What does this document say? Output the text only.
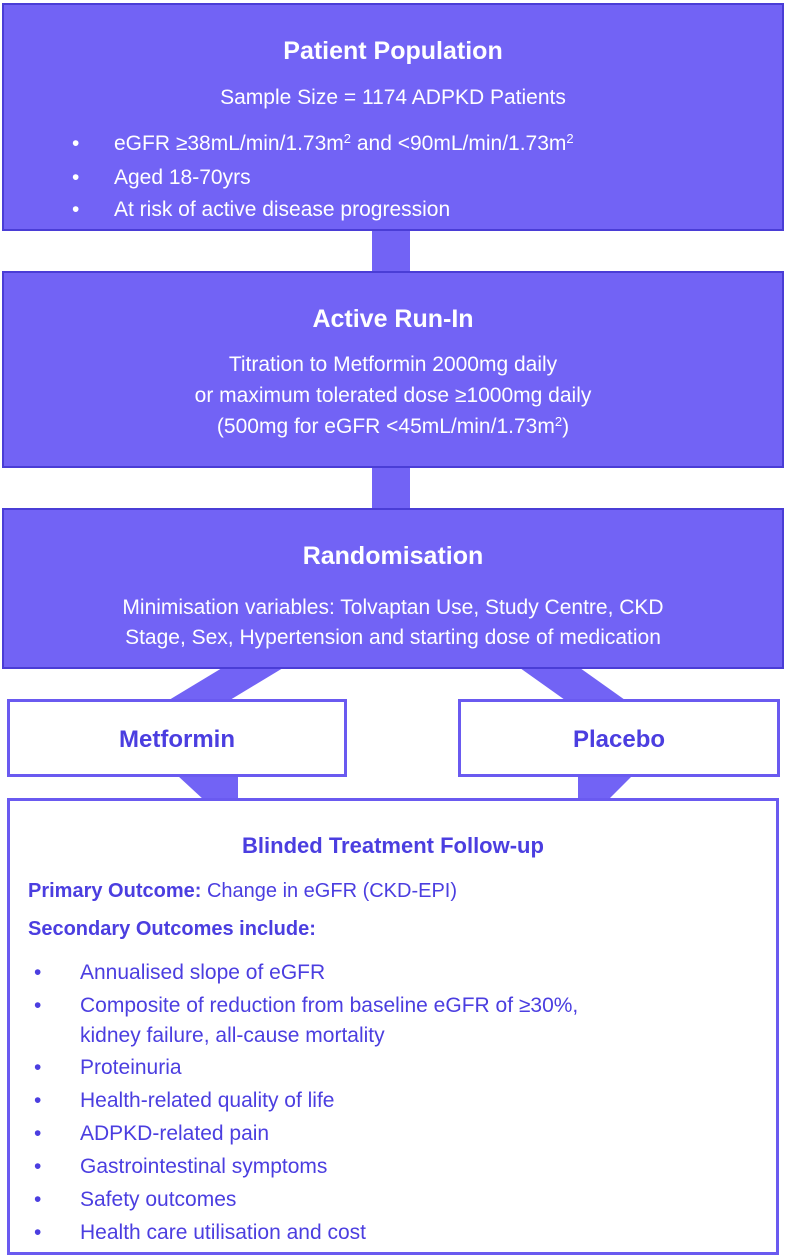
Patient Population
Sample Size = 1174 ADPKD Patients
• eGFR $\ge 38mL/\min/1.73m^2$ and $<90mL/\min/1.73m^2$
• Aged 18-70yrs
• At risk of active disease progression
Active Run-In
Titration to Metformin 2000mg daily
or maximum tolerated dose ≥1000mg daily
(500mg for eGFR $<45mL/\min/1.73m^2$)
Randomisation
Minimisation variables: Tolvaptan Use, Study Centre, CKD
Stage, Sex, Hypertension and starting dose of medication
Metformin	Placebo
Blinded Treatment Follow-up
Primary Outcome: Change in eGFR (CKD-EPI)
Secondary Outcomes include:
• Annualised slope of eGFR
• Composite of reduction from baseline eGFR of ≥30%,
kidney failure, all-cause mortality
• Proteinuria
• Health-related quality of life
• ADPKD-related pain
• Gastrointestinal symptoms
• Safety outcomes
• Health care utilisation and cost
